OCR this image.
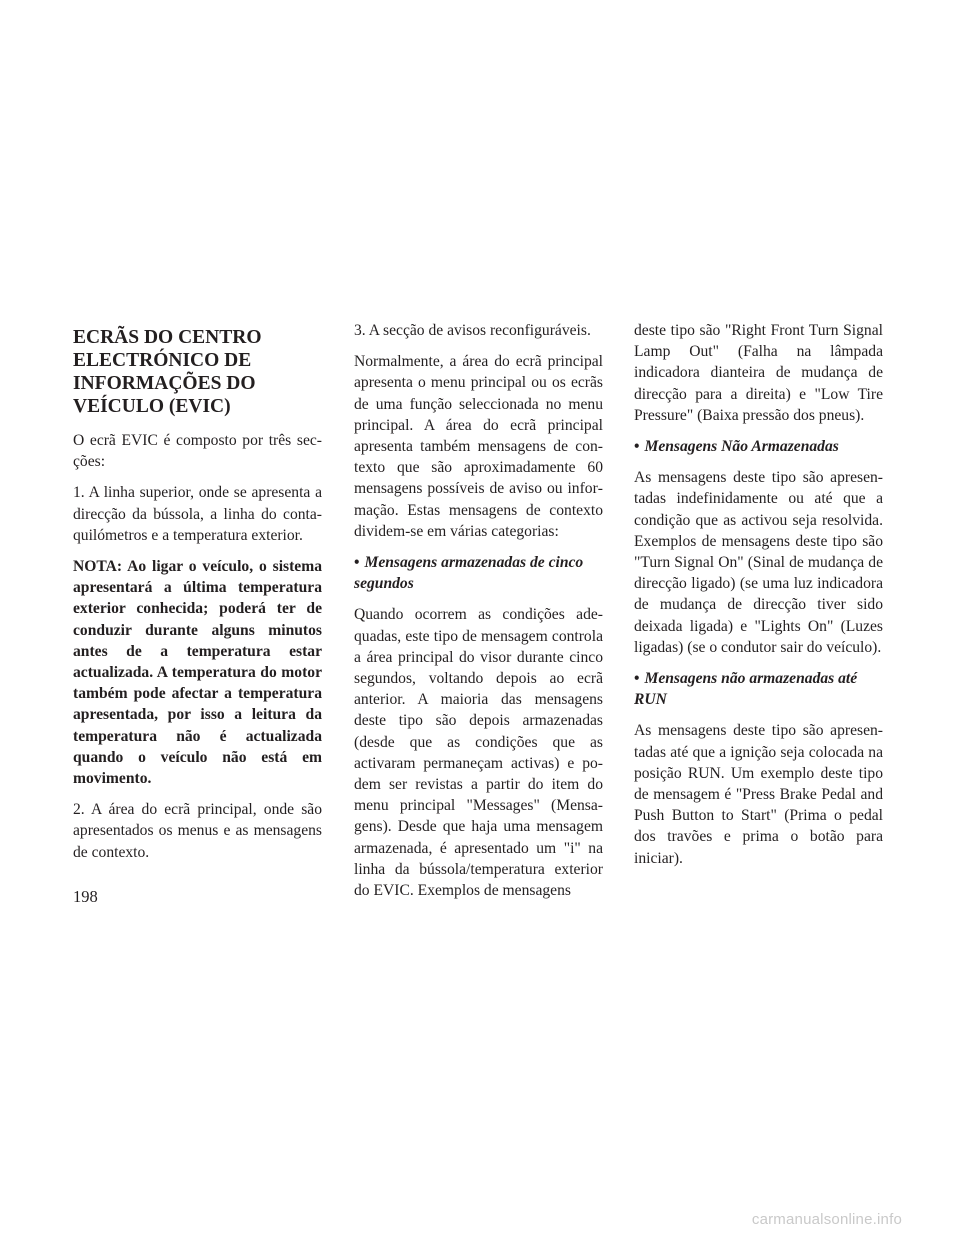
ECRÃS DO CENTRO ELECTRÓNICO DE INFORMAÇÕES DO VEÍCULO (EVIC)

O ecrã EVIC é composto por três secções:

1. A linha superior, onde se apresenta a direcção da bússola, a linha do conta-quilómetros e a temperatura exterior.

NOTA: Ao ligar o veículo, o sistema apresentará a última temperatura exterior conhecida; poderá ter de conduzir durante alguns minutos antes de a temperatura estar actualizada. A temperatura do motor também pode afectar a temperatura apresentada, por isso a leitura da temperatura não é actualizada quando o veículo não está em movimento.

2. A área do ecrã principal, onde são apresentados os menus e as mensagens de contexto.

3. A secção de avisos reconfiguráveis.

Normalmente, a área do ecrã principal apresenta o menu principal ou os ecrãs de uma função seleccionada no menu principal. A área do ecrã principal apresenta também mensagens de contexto que são aproximadamente 60 mensagens possíveis de aviso ou informação. Estas mensagens de contexto dividem-se em várias categorias:

• Mensagens armazenadas de cinco segundos

Quando ocorrem as condições adequadas, este tipo de mensagem controla a área principal do visor durante cinco segundos, voltando depois ao ecrã anterior. A maioria das mensagens deste tipo são depois armazenadas (desde que as condições que as activaram permaneçam activas) e podem ser revistas a partir do item do menu principal "Messages" (Mensagens). Desde que haja uma mensagem armazenada, é apresentado um "i" na linha da bússola/temperatura exterior do EVIC. Exemplos de mensagens

deste tipo são "Right Front Turn Signal Lamp Out" (Falha na lâmpada indicadora dianteira de mudança de direcção para a direita) e "Low Tire Pressure" (Baixa pressão dos pneus).

• Mensagens Não Armazenadas

As mensagens deste tipo são apresentadas indefinidamente ou até que a condição que as activou seja resolvida. Exemplos de mensagens deste tipo são "Turn Signal On" (Sinal de mudança de direcção ligado) (se uma luz indicadora de mudança de direcção tiver sido deixada ligada) e "Lights On" (Luzes ligadas) (se o condutor sair do veículo).

• Mensagens não armazenadas até RUN

As mensagens deste tipo são apresentadas até que a ignição seja colocada na posição RUN. Um exemplo deste tipo de mensagem é "Press Brake Pedal and Push Button to Start" (Prima o pedal dos travões e prima o botão para iniciar).

198
carmanualsonline.info
